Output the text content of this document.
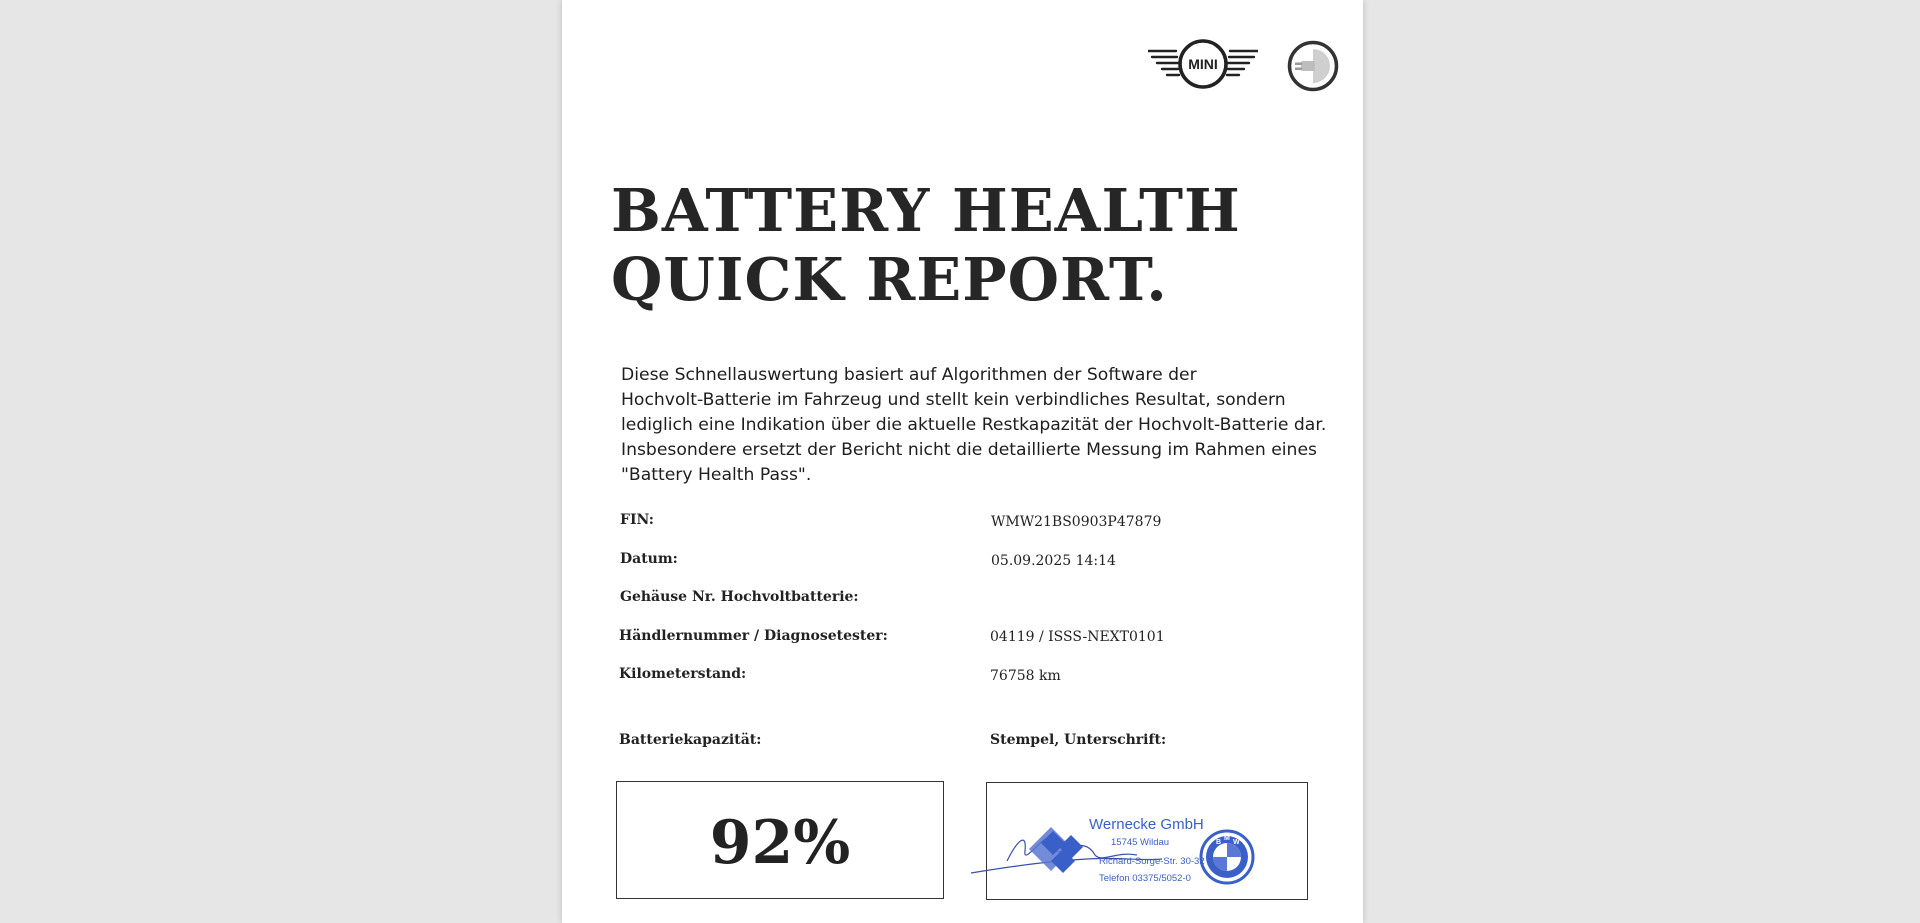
MINI
BATTERY HEALTH
QUICK REPORT.
Diese Schnellauswertung basiert auf Algorithmen der Software der
Hochvolt-Batterie im Fahrzeug und stellt kein verbindliches Resultat, sondern
lediglich eine Indikation über die aktuelle Restkapazität der Hochvolt-Batterie dar.
Insbesondere ersetzt der Bericht nicht die detaillierte Messung im Rahmen eines
"Battery Health Pass".
FIN:	WMW21BS0903P47879
Datum:	05.09.2025 14:14
Gehäuse Nr. Hochvoltbatterie:
Händlernummer / Diagnosetester:	04119 / ISSS-NEXT0101
Kilometerstand:	76758 km
Batteriekapazität:	Stempel, Unterschrift:
92%	Wernecke GmbH
15745 Wildau
Richard-Sorge-Str. 30-32
Telefon 03375/5052-0
B
M
W
